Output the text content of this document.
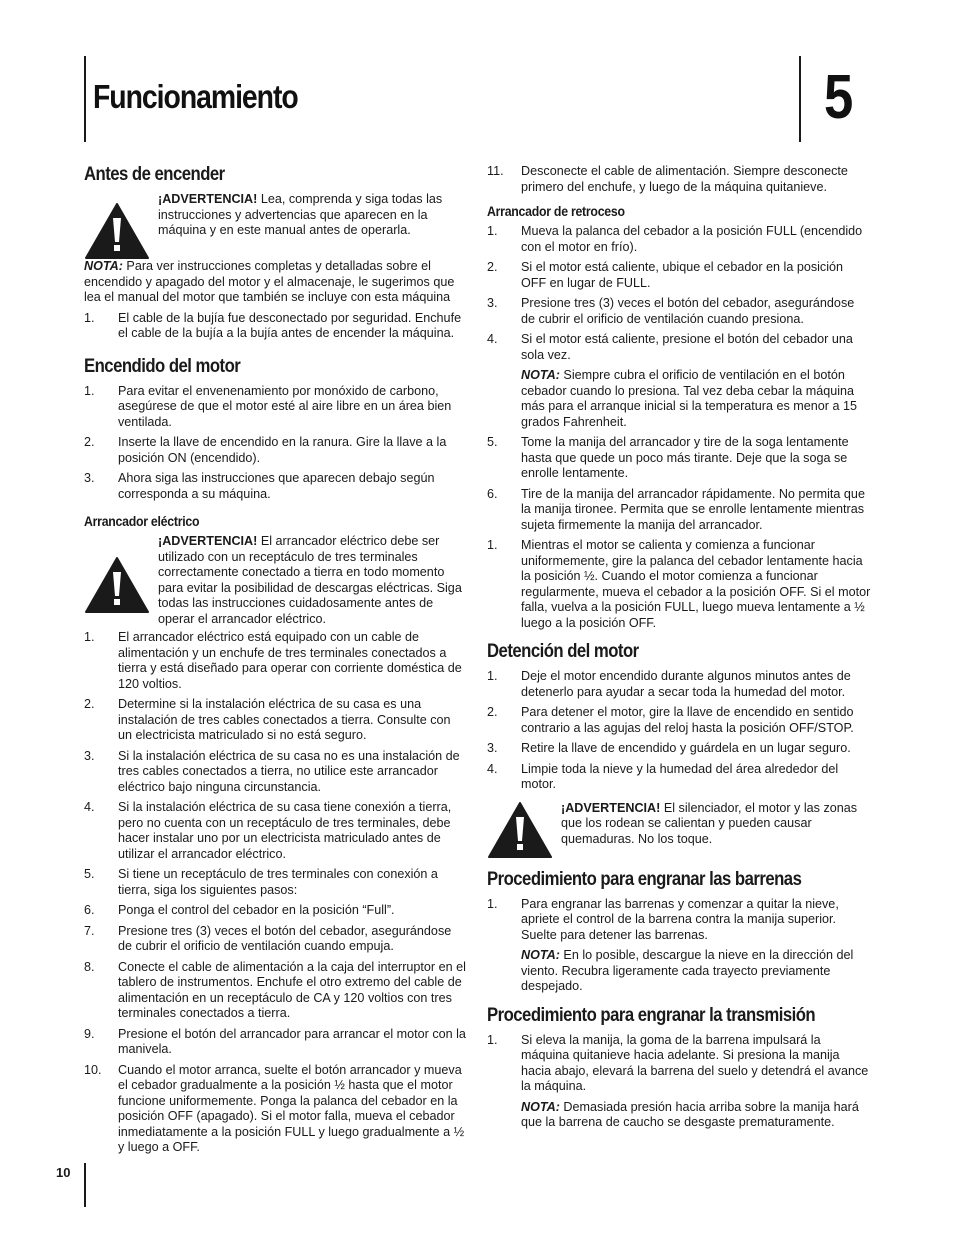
Funcionamiento	5
Antes de encender
¡ADVERTENCIA! Lea, comprenda y siga todas las instrucciones y advertencias que aparecen en la máquina y en este manual antes de operarla.

NOTA: Para ver instrucciones completas y detalladas sobre el encendido y apagado del motor y el almacenaje, le sugerimos que lea el manual del motor que también se incluye con esta máquina

1. El cable de la bujía fue desconectado por seguridad. Enchufe el cable de la bujía a la bujía antes de encender la máquina.
Encendido del motor
1. Para evitar el envenenamiento por monóxido de carbono, asegúrese de que el motor esté al aire libre en un área bien ventilada.
2. Inserte la llave de encendido en la ranura. Gire la llave a la posición ON (encendido).
3. Ahora siga las instrucciones que aparecen debajo según corresponda a su máquina.
Arrancador eléctrico
¡ADVERTENCIA! El arrancador eléctrico debe ser utilizado con un receptáculo de tres terminales correctamente conectado a tierra en todo momento para evitar la posibilidad de descargas eléctricas. Siga todas las instrucciones cuidadosamente antes de operar el arrancador eléctrico.
1. El arrancador eléctrico está equipado con un cable de alimentación y un enchufe de tres terminales conectados a tierra y está diseñado para operar con corriente doméstica de 120 voltios.
2. Determine si la instalación eléctrica de su casa es una instalación de tres cables conectados a tierra. Consulte con un electricista matriculado si no está seguro.
3. Si la instalación eléctrica de su casa no es una instalación de tres cables conectados a tierra, no utilice este arrancador eléctrico bajo ninguna circunstancia.
4. Si la instalación eléctrica de su casa tiene conexión a tierra, pero no cuenta con un receptáculo de tres terminales, debe hacer instalar uno por un electricista matriculado antes de utilizar el arrancador eléctrico.
5. Si tiene un receptáculo de tres terminales con conexión a tierra, siga los siguientes pasos:
6. Ponga el control del cebador en la posición “Full”.
7. Presione tres (3) veces el botón del cebador, asegurándose de cubrir el orificio de ventilación cuando empuja.
8. Conecte el cable de alimentación a la caja del interruptor en el tablero de instrumentos. Enchufe el otro extremo del cable de alimentación en un receptáculo de CA y 120 voltios con tres terminales conectados a tierra.
9. Presione el botón del arrancador para arrancar el motor con la manivela.
10. Cuando el motor arranca, suelte el botón arrancador y mueva el cebador gradualmente a la posición ½ hasta que el motor funcione uniformemente. Ponga la palanca del cebador en la posición OFF (apagado). Si el motor falla, mueva el cebador inmediatamente a la posición FULL y luego gradualmente a ½ y luego a OFF.
11. Desconecte el cable de alimentación. Siempre desconecte primero del enchufe, y luego de la máquina quitanieve.
Arrancador de retroceso
1. Mueva la palanca del cebador a la posición FULL (encendido con el motor en frío).
2. Si el motor está caliente, ubique el cebador en la posición OFF en lugar de FULL.
3. Presione tres (3) veces el botón del cebador, asegurándose de cubrir el orificio de ventilación cuando presiona.
4. Si el motor está caliente, presione el botón del cebador una sola vez.

NOTA: Siempre cubra el orificio de ventilación en el botón cebador cuando lo presiona. Tal vez deba cebar la máquina más para el arranque inicial si la temperatura es menor a 15 grados Fahrenheit.

5. Tome la manija del arrancador y tire de la soga lentamente hasta que quede un poco más tirante. Deje que la soga se enrolle lentamente.
6. Tire de la manija del arrancador rápidamente. No permita que la manija tironee. Permita que se enrolle lentamente mientras sujeta firmemente la manija del arrancador.
1. Mientras el motor se calienta y comienza a funcionar uniformemente, gire la palanca del cebador lentamente hacia la posición ½. Cuando el motor comienza a funcionar regularmente, mueva el cebador a la posición OFF. Si el motor falla, vuelva a la posición FULL, luego mueva lentamente a ½ luego a la posición OFF.
Detención del motor
1. Deje el motor encendido durante algunos minutos antes de detenerlo para ayudar a secar toda la humedad del motor.
2. Para detener el motor, gire la llave de encendido en sentido contrario a las agujas del reloj hasta la posición OFF/STOP.
3. Retire la llave de encendido y guárdela en un lugar seguro.
4. Limpie toda la nieve y la humedad del área alrededor del motor.
¡ADVERTENCIA! El silenciador, el motor y las zonas que los rodean se calientan y pueden causar quemaduras. No los toque.
Procedimiento para engranar las barrenas
1. Para engranar las barrenas y comenzar a quitar la nieve, apriete el control de la barrena contra la manija superior. Suelte para detener las barrenas.

NOTA: En lo posible, descargue la nieve en la dirección del viento. Recubra ligeramente cada trayecto previamente despejado.

Procedimiento para engranar la transmisión
1. Si eleva la manija, la goma de la barrena impulsará la máquina quitanieve hacia adelante. Si presiona la manija hacia abajo, elevará la barrena del suelo y detendrá el avance la máquina.

NOTA: Demasiada presión hacia arriba sobre la manija hará que la barrena de caucho se desgaste prematuramente.

10
